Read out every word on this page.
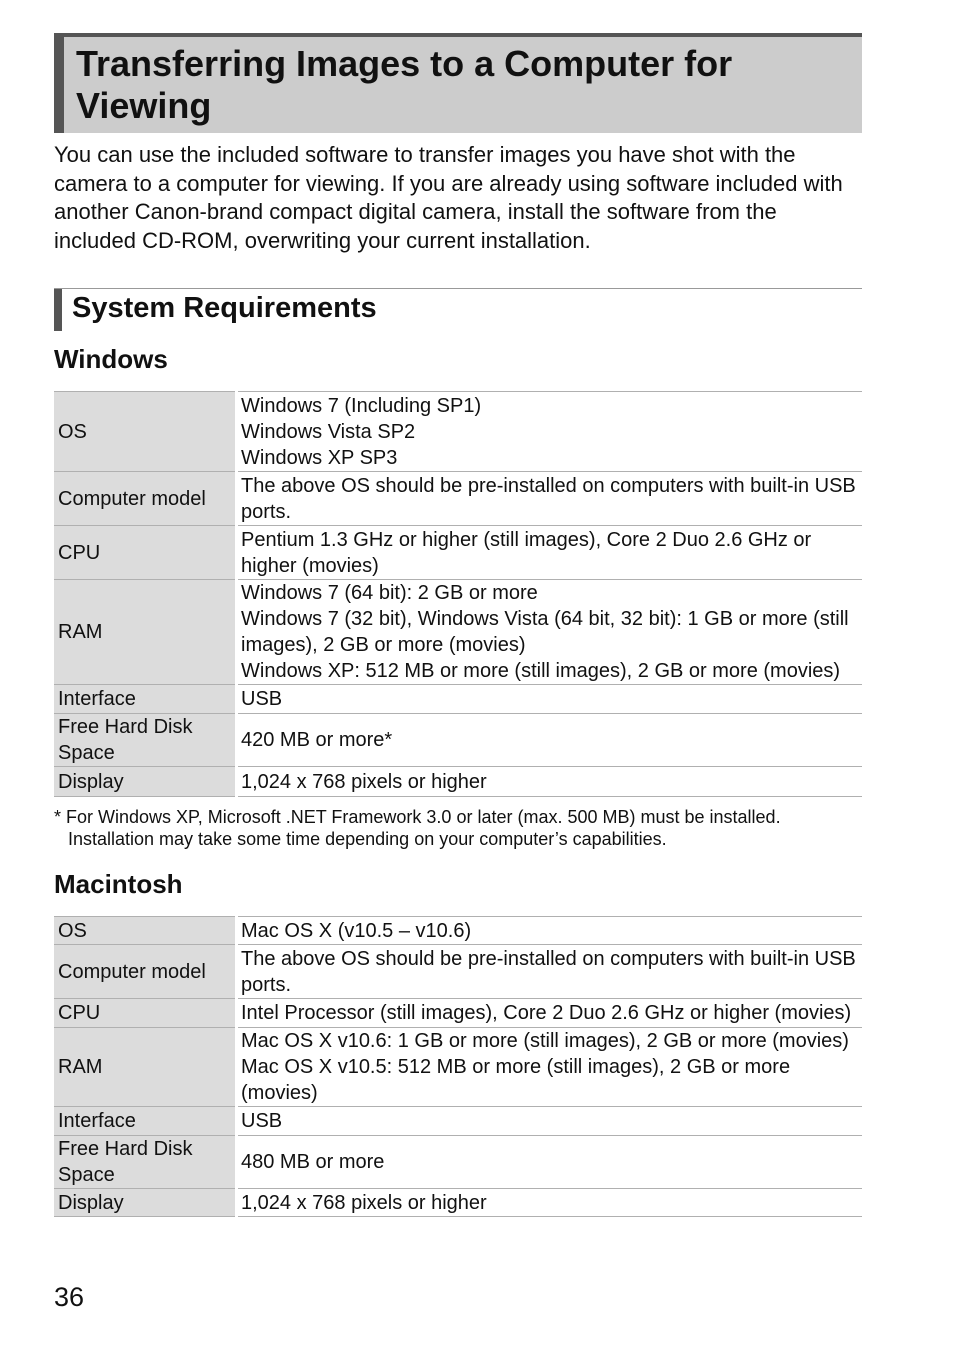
Transferring Images to a Computer for Viewing
You can use the included software to transfer images you have shot with the camera to a computer for viewing. If you are already using software included with another Canon-brand compact digital camera, install the software from the included CD-ROM, overwriting your current installation.
System Requirements
Windows
OS	Windows 7 (Including SP1)
Windows Vista SP2
Windows XP SP3

Computer model	The above OS should be pre-installed on computers with built-in USB ports.

CPU	Pentium 1.3 GHz or higher (still images), Core 2 Duo 2.6 GHz or higher (movies)

RAM	Windows 7 (64 bit): 2 GB or more
Windows 7 (32 bit), Windows Vista (64 bit, 32 bit): 1 GB or more (still images), 2 GB or more (movies)
Windows XP: 512 MB or more (still images), 2 GB or more (movies)

Interface	USB

Free Hard Disk Space	420 MB or more*

Display	1,024 x 768 pixels or higher
* For Windows XP, Microsoft .NET Framework 3.0 or later (max. 500 MB) must be installed.
Installation may take some time depending on your computer’s capabilities.
Macintosh
OS	Mac OS X (v10.5 – v10.6)

Computer model	The above OS should be pre-installed on computers with built-in USB ports.

CPU	Intel Processor (still images), Core 2 Duo 2.6 GHz or higher (movies)

RAM	Mac OS X v10.6: 1 GB or more (still images), 2 GB or more (movies)
Mac OS X v10.5: 512 MB or more (still images), 2 GB or more (movies)

Interface	USB

Free Hard Disk Space	480 MB or more

Display	1,024 x 768 pixels or higher
36
